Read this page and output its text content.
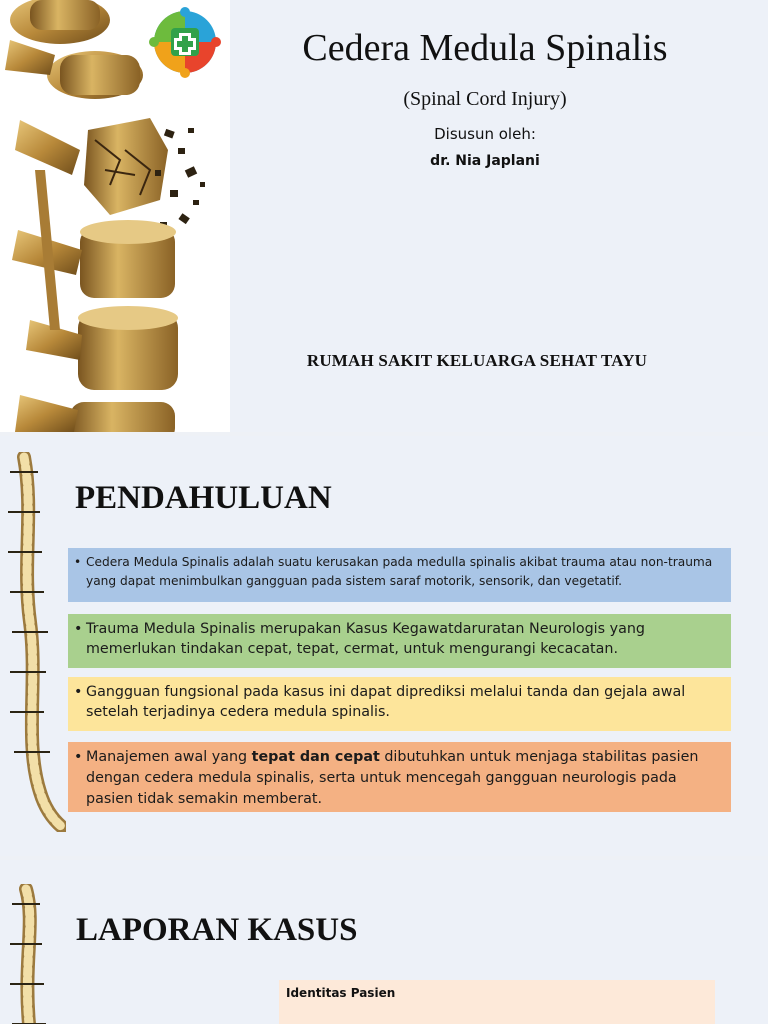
Cedera Medula Spinalis
(Spinal Cord Injury)
Disusun oleh:
dr. Nia Japlani
RUMAH SAKIT KELUARGA SEHAT TAYU
PENDAHULUAN
• Cedera Medula Spinalis adalah suatu kerusakan pada medulla spinalis akibat trauma atau non-trauma yang dapat menimbulkan gangguan pada sistem saraf motorik, sensorik, dan vegetatif.

• Trauma Medula Spinalis merupakan Kasus Kegawatdaruratan Neurologis yang memerlukan tindakan cepat, tepat, cermat, untuk mengurangi kecacatan.

• Gangguan fungsional pada kasus ini dapat diprediksi melalui tanda dan gejala awal setelah terjadinya cedera medula spinalis.

• Manajemen awal yang tepat dan cepat dibutuhkan untuk menjaga stabilitas pasien dengan cedera medula spinalis, serta untuk mencegah gangguan neurologis pada pasien tidak semakin memberat.

LAPORAN KASUS
Identitas Pasien
